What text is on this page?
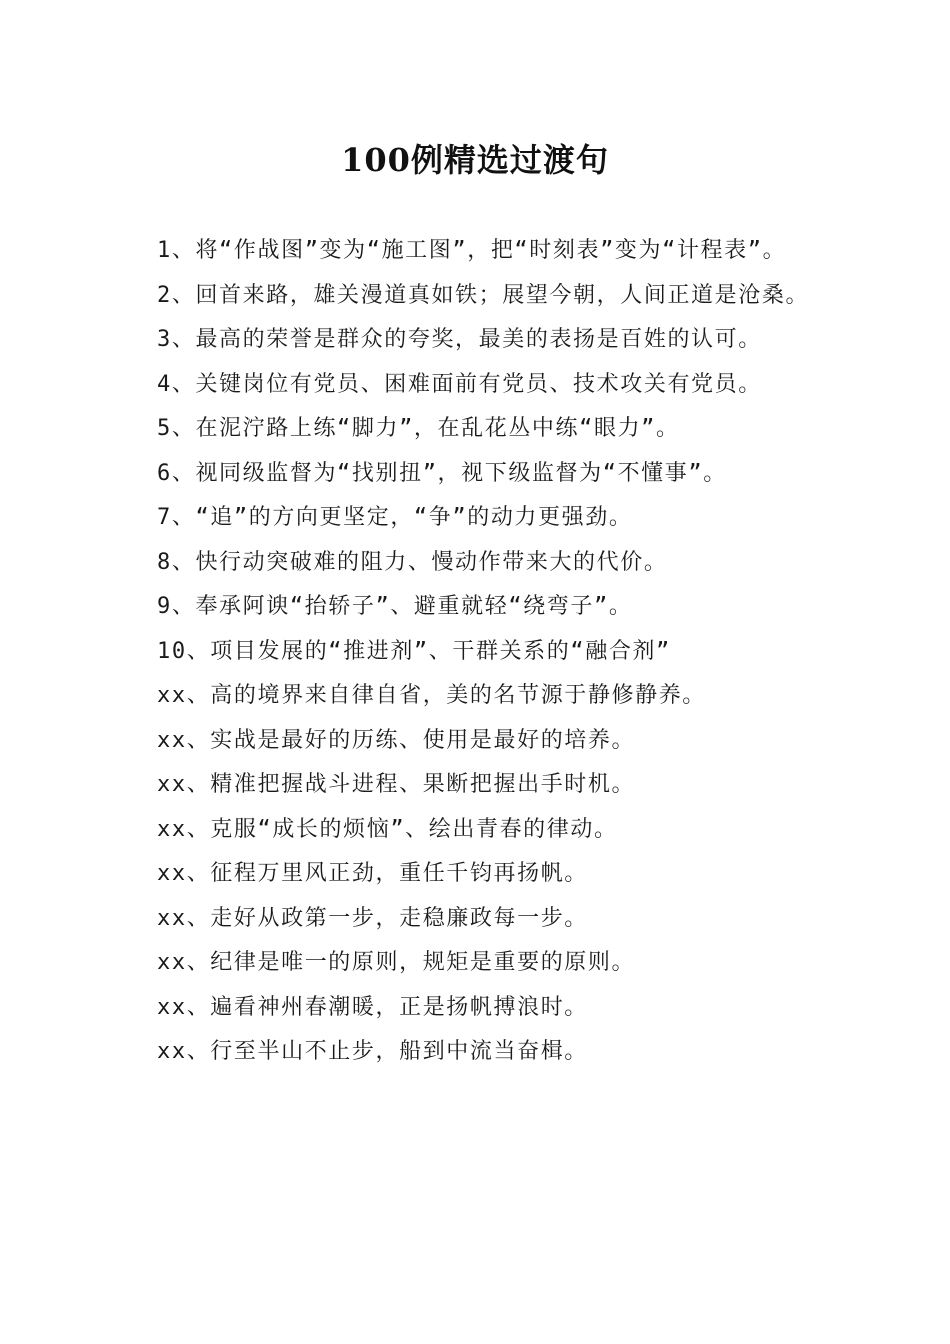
100例精选过渡句

1、将“作战图”变为“施工图”，把“时刻表”变为“计程表”。

2、回首来路，雄关漫道真如铁；展望今朝，人间正道是沧桑。

3、最高的荣誉是群众的夸奖，最美的表扬是百姓的认可。

4、关键岗位有党员、困难面前有党员、技术攻关有党员。

5、在泥泞路上练“脚力”，在乱花丛中练“眼力”。

6、视同级监督为“找别扭”，视下级监督为“不懂事”。

7、“追”的方向更坚定，“争”的动力更强劲。

8、快行动突破难的阻力、慢动作带来大的代价。

9、奉承阿谀“抬轿子”、避重就轻“绕弯子”。

10、项目发展的“推进剂”、干群关系的“融合剂”

xx、高的境界来自律自省，美的名节源于静修静养。

xx、实战是最好的历练、使用是最好的培养。

xx、精准把握战斗进程、果断把握出手时机。

xx、克服“成长的烦恼”、绘出青春的律动。

xx、征程万里风正劲，重任千钧再扬帆。

xx、走好从政第一步，走稳廉政每一步。

xx、纪律是唯一的原则，规矩是重要的原则。

xx、遍看神州春潮暖，正是扬帆搏浪时。

xx、行至半山不止步，船到中流当奋楫。
